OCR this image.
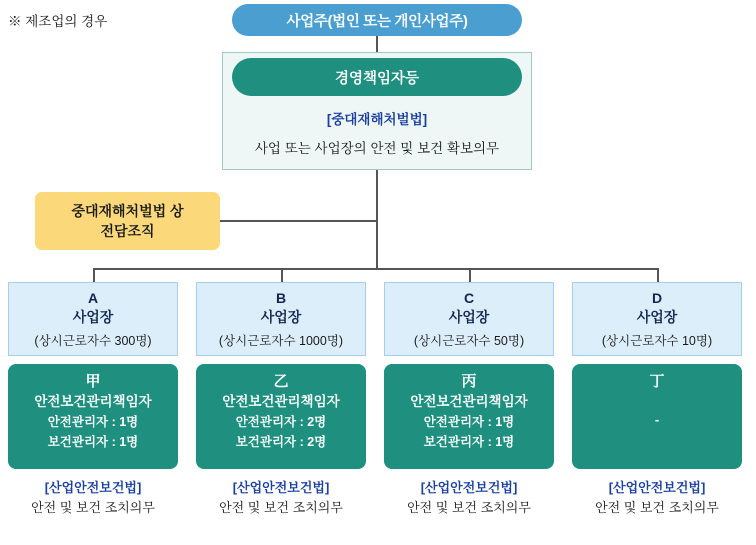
※ 제조업의 경우	사업주(법인 또는 개인사업주)
경영책임자등
[중대재해처벌법]
사업 또는 사업장의 안전 및 보건 확보의무
중대재해처벌법 상
전담조직
A
사업장
(상시근로자수 300명)
甲
안전보건관리책임자
안전관리자 : 1명
보건관리자 : 1명
[산업안전보건법]
안전 및 보건 조치의무
B
사업장
(상시근로자수 1000명)
乙
안전보건관리책임자
안전관리자 : 2명
보건관리자 : 2명
[산업안전보건법]
안전 및 보건 조치의무
C
사업장
(상시근로자수 50명)
丙
안전보건관리책임자
안전관리자 : 1명
보건관리자 : 1명
[산업안전보건법]
안전 및 보건 조치의무
D
사업장
(상시근로자수 10명)
丁
-
[산업안전보건법]
안전 및 보건 조치의무
